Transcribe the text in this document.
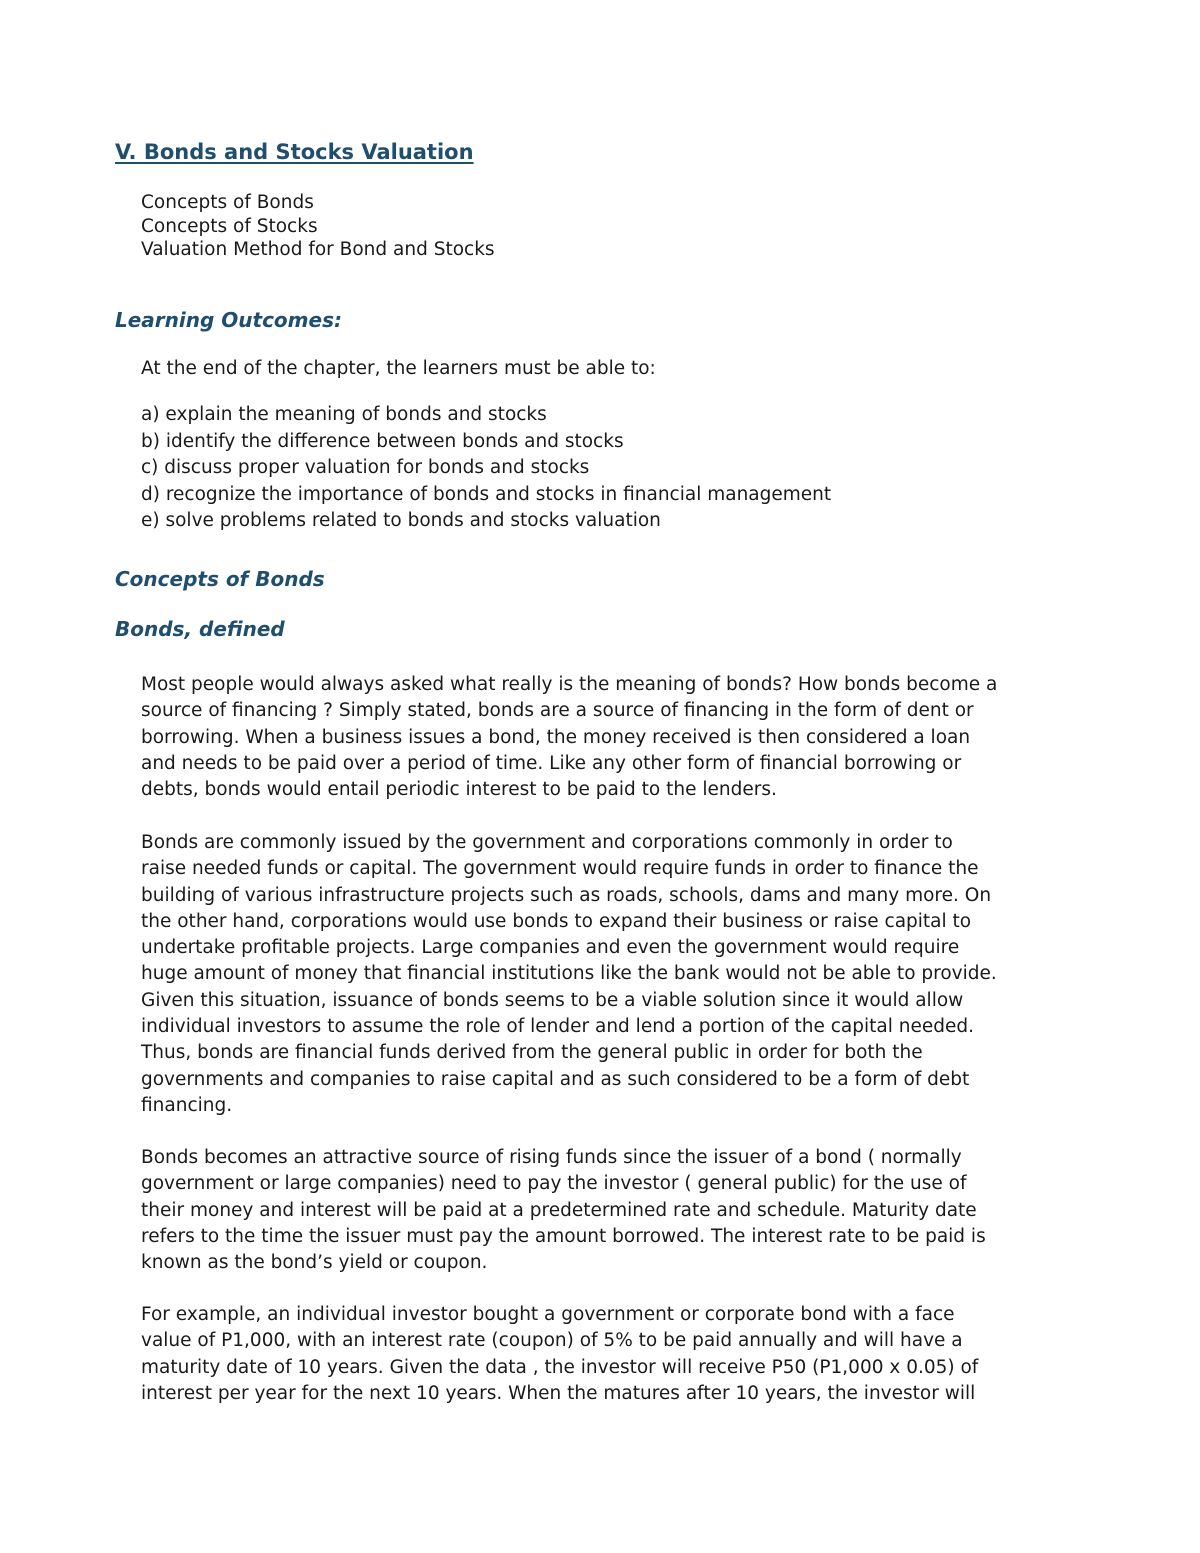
V. Bonds and Stocks Valuation
Concepts of Bonds
Concepts of Stocks
Valuation Method for Bond and Stocks
Learning Outcomes:

At the end of the chapter, the learners must be able to:

a) explain the meaning of bonds and stocks
b) identify the difference between bonds and stocks
c) discuss proper valuation for bonds and stocks
d) recognize the importance of bonds and stocks in financial management
e) solve problems related to bonds and stocks valuation
Concepts of Bonds
Bonds, defined

Most people would always asked what really is the meaning of bonds? How bonds become a
source of financing ? Simply stated, bonds are a source of financing in the form of dent or
borrowing. When a business issues a bond, the money received is then considered a loan
and needs to be paid over a period of time. Like any other form of financial borrowing or
debts, bonds would entail periodic interest to be paid to the lenders.

Bonds are commonly issued by the government and corporations commonly in order to
raise needed funds or capital. The government would require funds in order to finance the
building of various infrastructure projects such as roads, schools, dams and many more. On
the other hand, corporations would use bonds to expand their business or raise capital to
undertake profitable projects. Large companies and even the government would require
huge amount of money that financial institutions like the bank would not be able to provide.
Given this situation, issuance of bonds seems to be a viable solution since it would allow
individual investors to assume the role of lender and lend a portion of the capital needed.
Thus, bonds are financial funds derived from the general public in order for both the
governments and companies to raise capital and as such considered to be a form of debt
financing.

Bonds becomes an attractive source of rising funds since the issuer of a bond ( normally
government or large companies) need to pay the investor ( general public) for the use of
their money and interest will be paid at a predetermined rate and schedule. Maturity date
refers to the time the issuer must pay the amount borrowed. The interest rate to be paid is
known as the bond’s yield or coupon.

For example, an individual investor bought a government or corporate bond with a face
value of P1,000, with an interest rate (coupon) of 5% to be paid annually and will have a
maturity date of 10 years. Given the data , the investor will receive P50 (P1,000 x 0.05) of
interest per year for the next 10 years. When the matures after 10 years, the investor will
